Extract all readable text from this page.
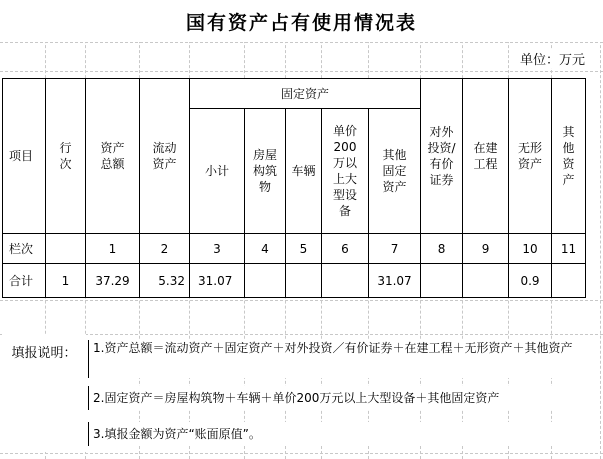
国有资产占有使用情况表
单位：万元
项目	行次	资产总额	流动资产	固定资产					对外投资/有价证券	在建工程	无形资产	其他资产
				小计	房屋构筑物	车辆	单价200万以上大型设备	其他固定资产				
栏次		1	2	3	4	5	6	7	8	9	10	11
合计	1	37.29	5.32	31.07				31.07			0.9	
填报说明：	1.资产总额＝流动资产＋固定资产＋对外投资／有价证券＋在建工程＋无形资产＋其他资产
2.固定资产＝房屋构筑物＋车辆＋单价200万元以上大型设备＋其他固定资产
3.填报金额为资产“账面原值”。
